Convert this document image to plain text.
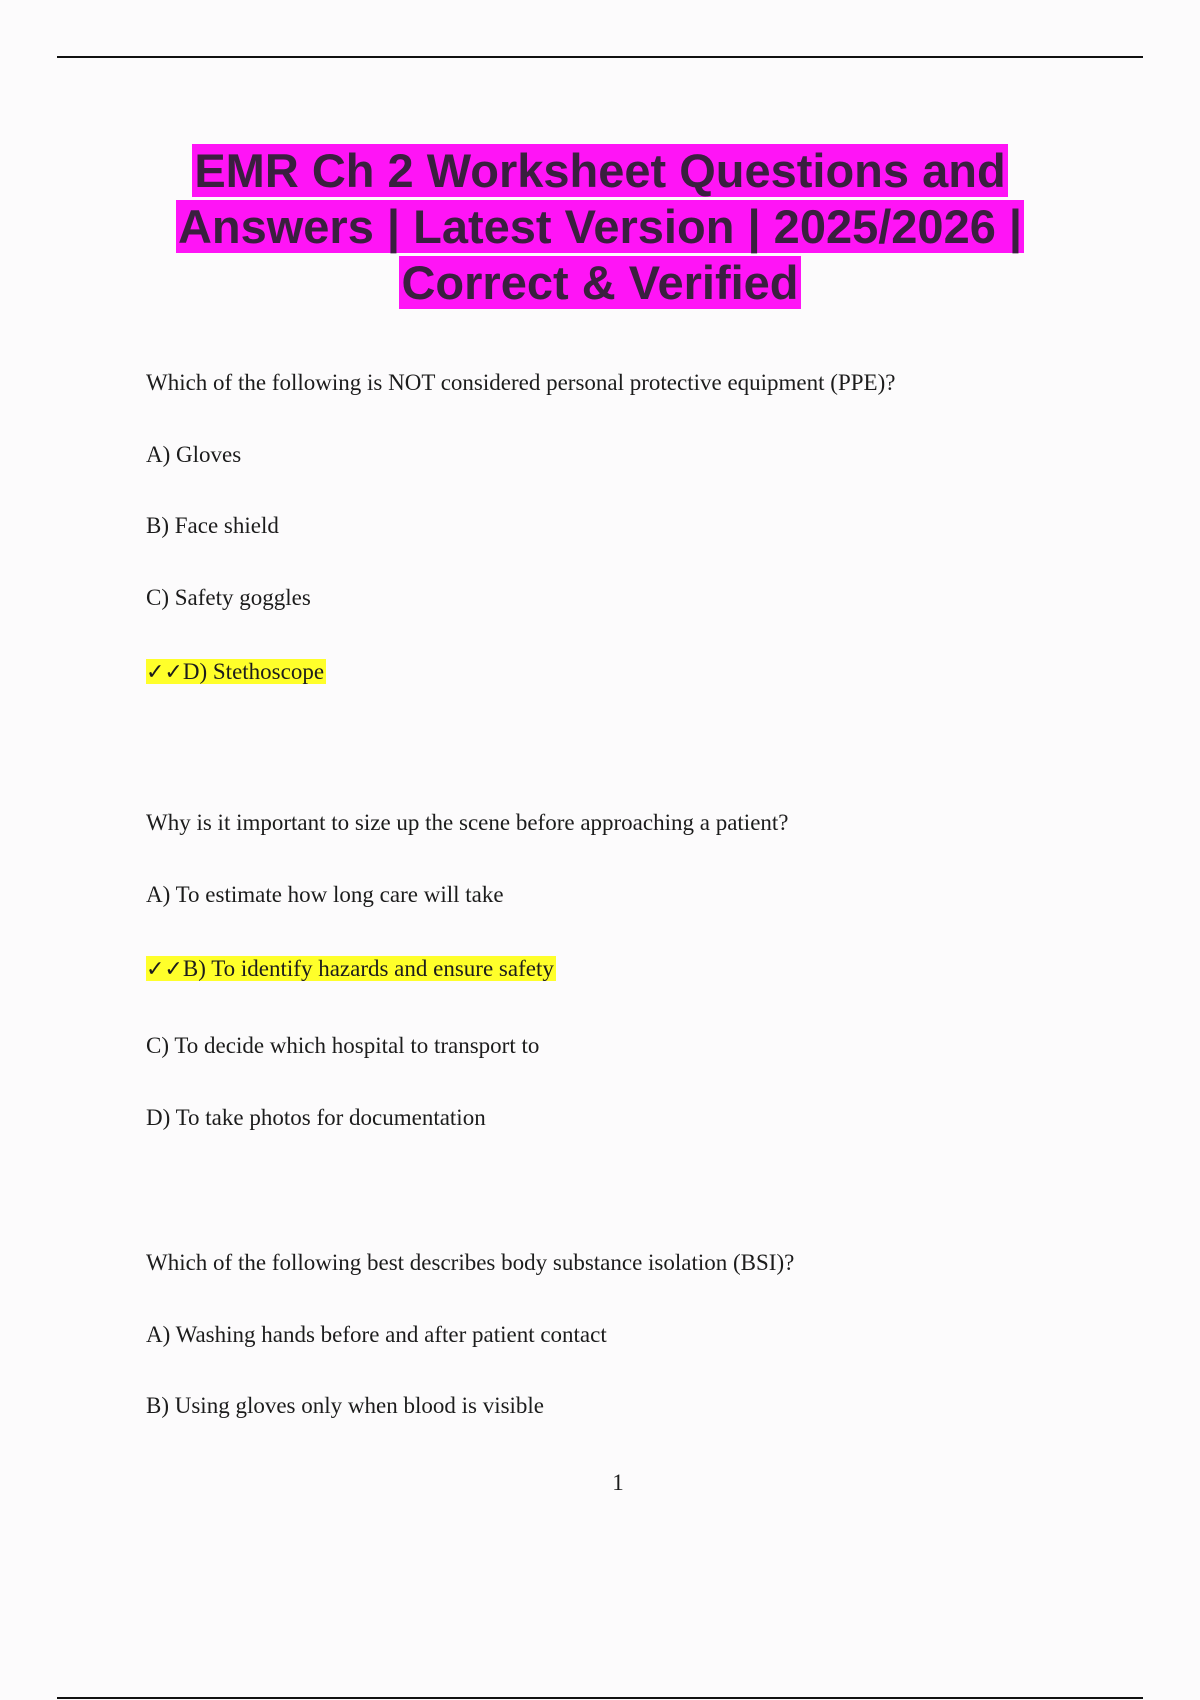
EMR Ch 2 Worksheet Questions and
Answers | Latest Version | 2025/2026 |
Correct & Verified
Which of the following is NOT considered personal protective equipment (PPE)?
A) Gloves
B) Face shield
C) Safety goggles
✓✓D) Stethoscope
Why is it important to size up the scene before approaching a patient?
A) To estimate how long care will take
✓✓B) To identify hazards and ensure safety
C) To decide which hospital to transport to
D) To take photos for documentation
Which of the following best describes body substance isolation (BSI)?
A) Washing hands before and after patient contact
B) Using gloves only when blood is visible
1
